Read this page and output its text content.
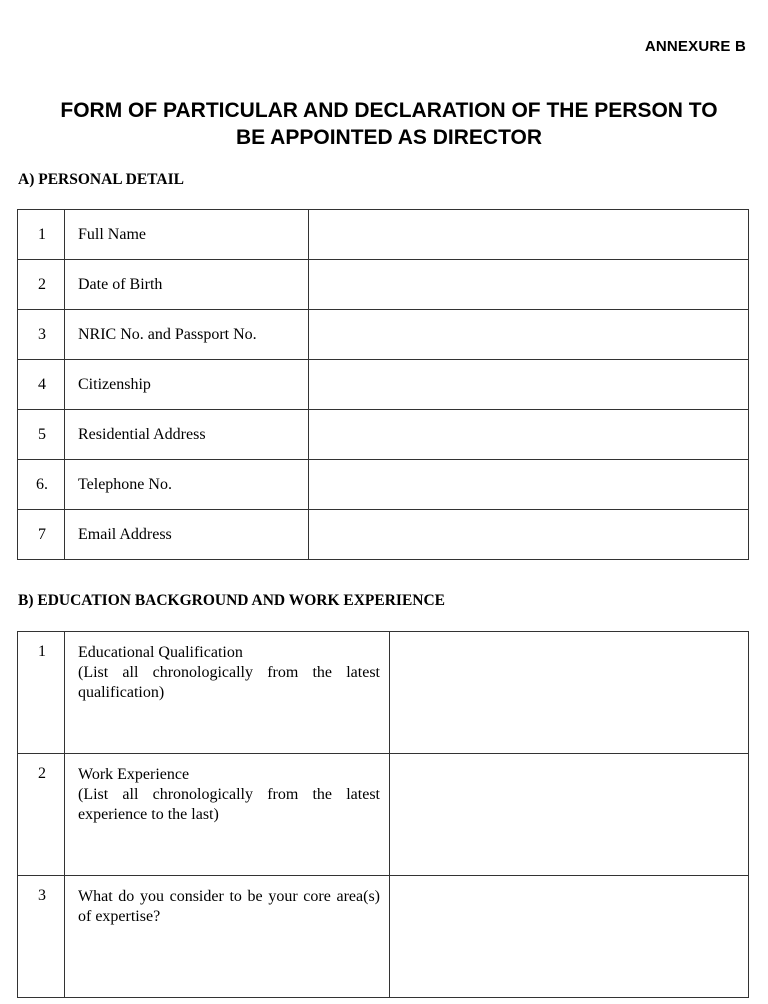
ANNEXURE B
FORM OF PARTICULAR AND DECLARATION OF THE PERSON TO
BE APPOINTED AS DIRECTOR
A) PERSONAL DETAIL
1	Full Name	
2	Date of Birth	
3	NRIC No. and Passport No.	
4	Citizenship	
5	Residential Address	
6.	Telephone No.	
7	Email Address	
B) EDUCATION BACKGROUND AND WORK EXPERIENCE
1	Educational Qualification
(List all chronologically from the latest qualification)	

2	Work Experience
(List all chronologically from the latest experience to the last)	

3	What do you consider to be your core area(s) of expertise?	
